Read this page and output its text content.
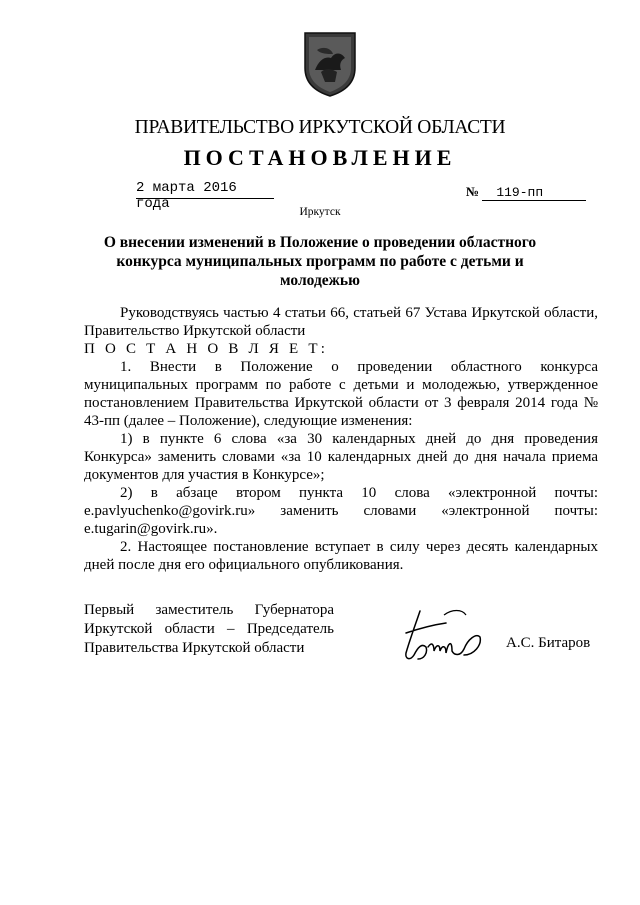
ПРАВИТЕЛЬСТВО ИРКУТСКОЙ ОБЛАСТИ
ПОСТАНОВЛЕНИЕ
2 марта 2016 года
№ 119-пп
Иркутск
О внесении изменений в Положение о проведении областного конкурса муниципальных программ по работе с детьми и молодежью

Руководствуясь частью 4 статьи 66, статьей 67 Устава Иркутской области, Правительство Иркутской области

П О С Т А Н О В Л Я Е Т:

1. Внести в Положение о проведении областного конкурса муниципальных программ по работе с детьми и молодежью, утвержденное постановлением Правительства Иркутской области от 3 февраля 2014 года № 43-пп (далее – Положение), следующие изменения:

1) в пункте 6 слова «за 30 календарных дней до дня проведения Конкурса» заменить словами «за 10 календарных дней до дня начала приема документов для участия в Конкурсе»;

2) в абзаце втором пункта 10 слова «электронной почты: e.pavlyuchenko@govirk.ru» заменить словами «электронной почты: e.tugarin@govirk.ru».

2. Настоящее постановление вступает в силу через десять календарных дней после дня его официального опубликования.

Первый заместитель Губернатора
Иркутской области – Председатель
Правительства Иркутской области	А.С. Битаров
